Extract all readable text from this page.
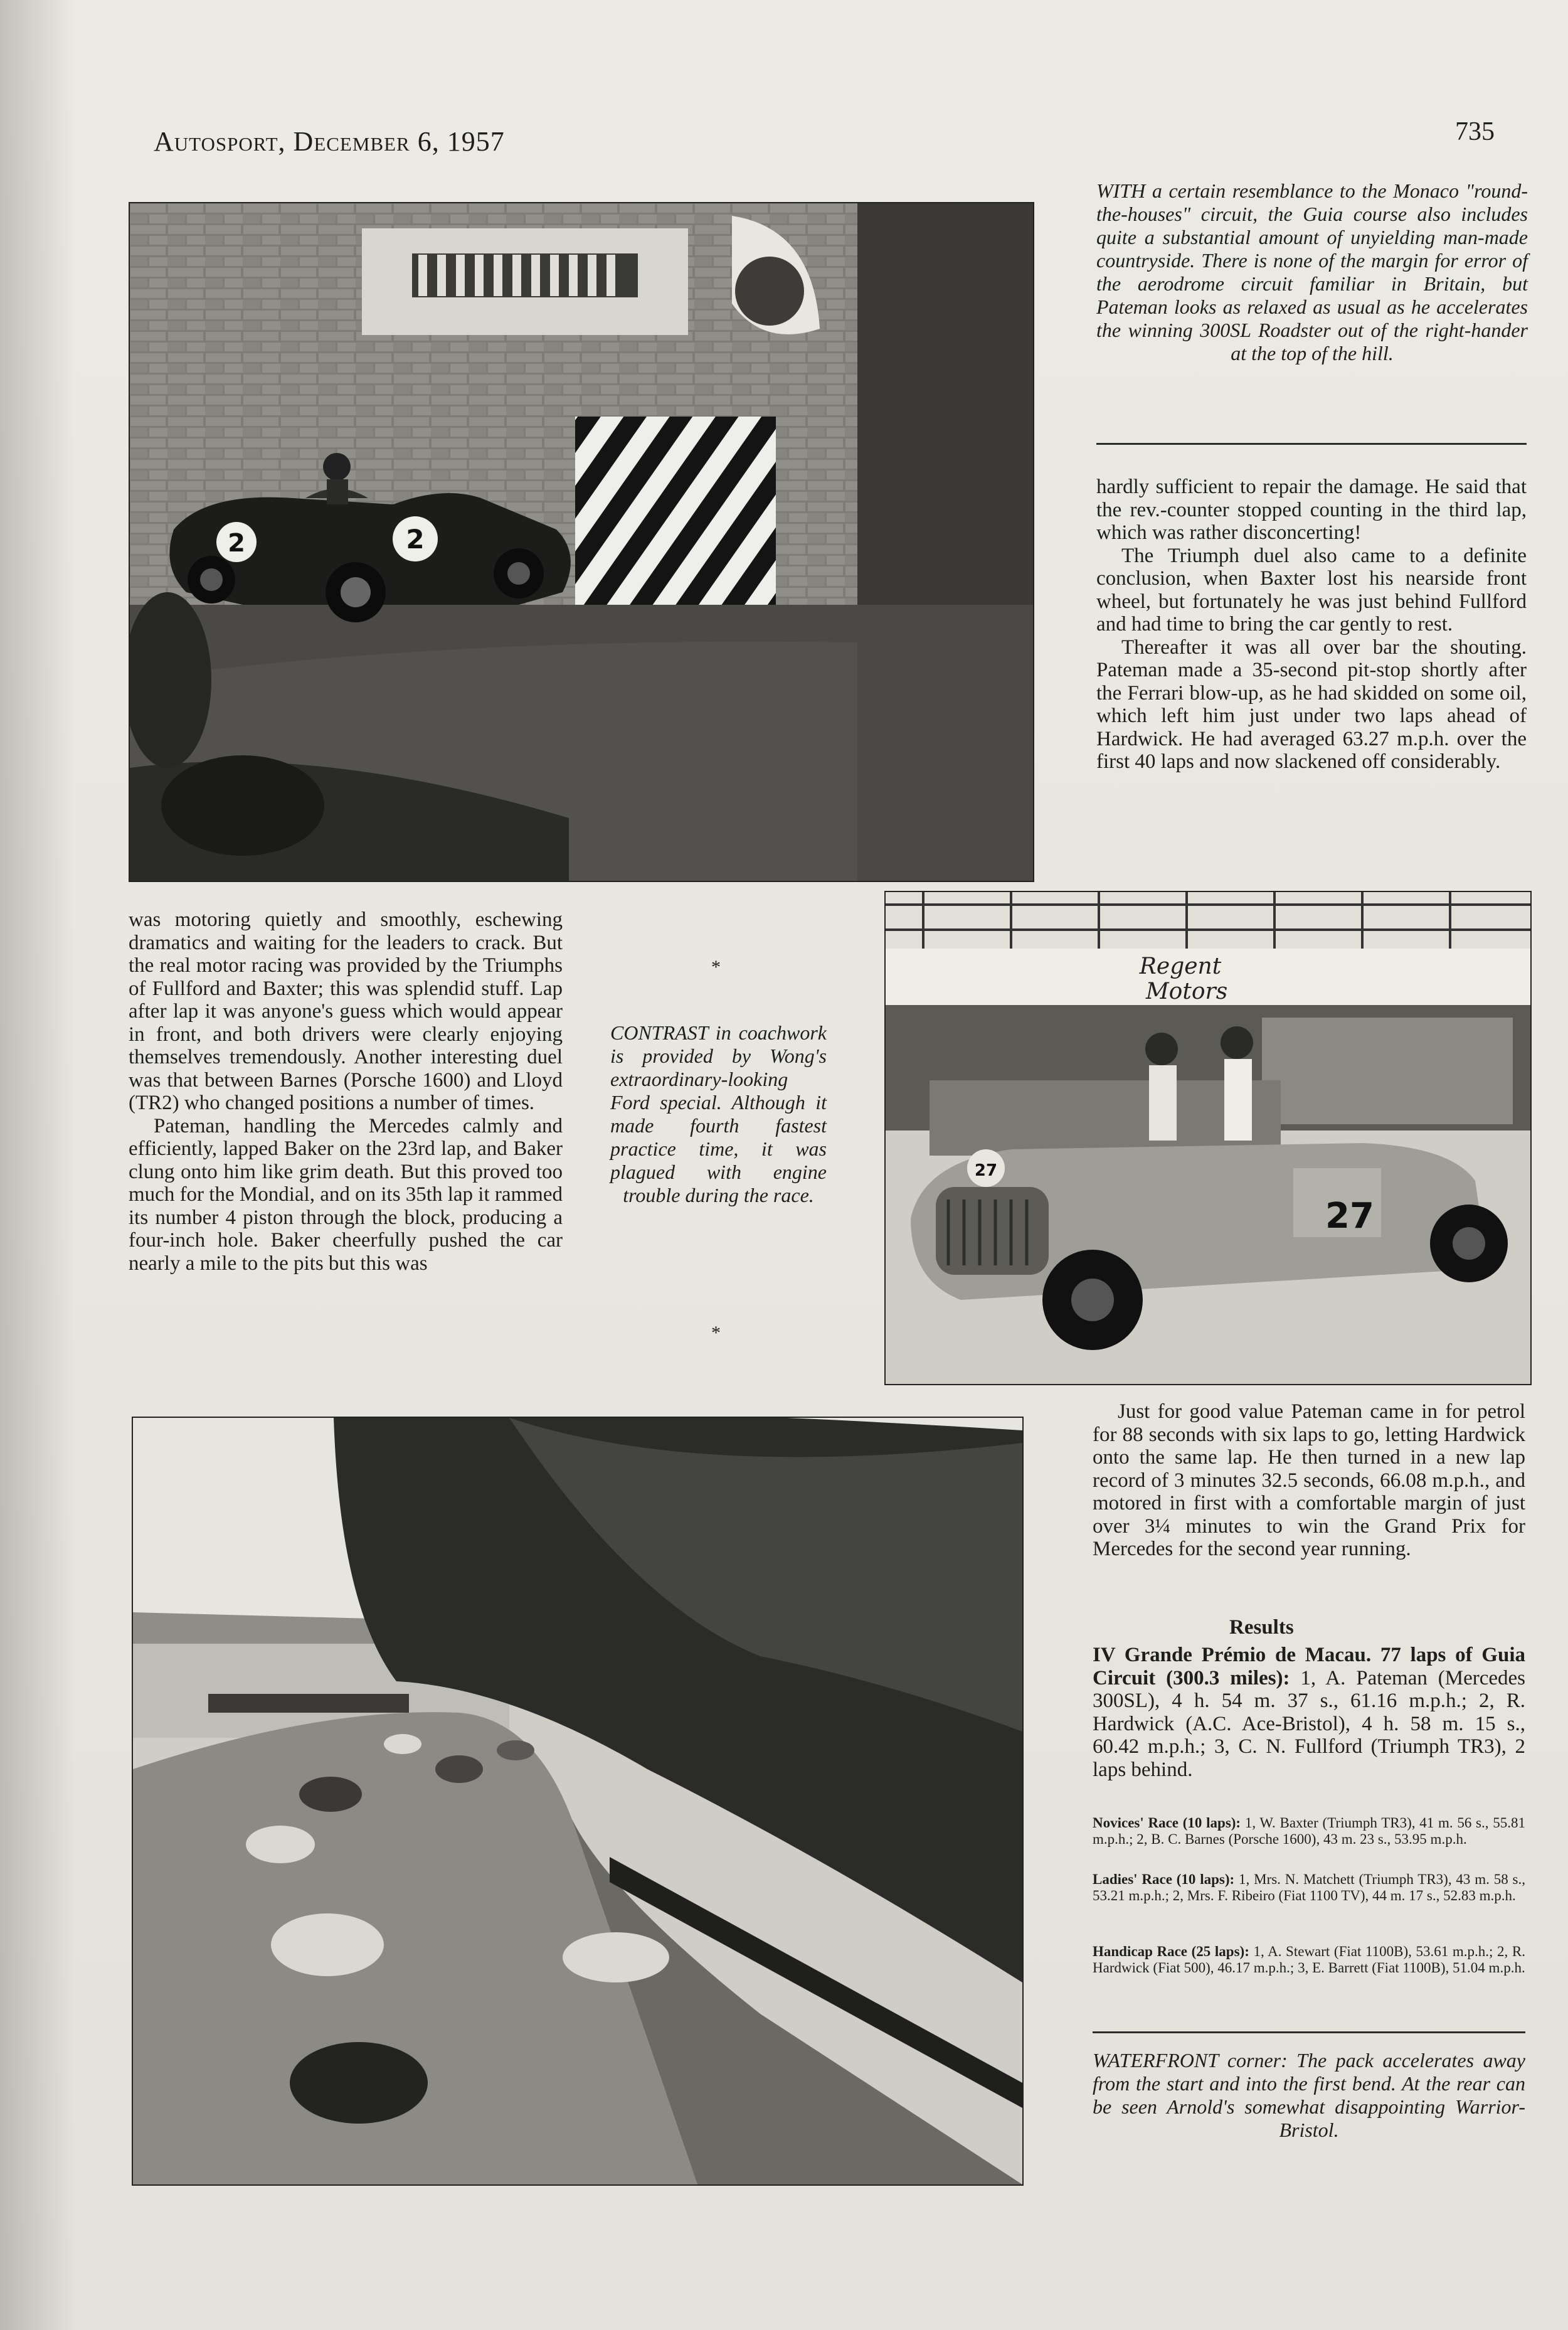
Autosport, December 6, 1957	735
2
2
WITH a certain resemblance to the Monaco "round-the-houses" circuit, the Guia course also includes quite a substantial amount of unyielding man-made countryside. There is none of the margin for error of the aerodrome circuit familiar in Britain, but Pateman looks as relaxed as usual as he accelerates the winning 300SL Roadster out of the right-hander at the top of the hill.

hardly sufficient to repair the damage. He said that the rev.-counter stopped counting in the third lap, which was rather disconcerting!

The Triumph duel also came to a definite conclusion, when Baxter lost his nearside front wheel, but fortunately he was just behind Fullford and had time to bring the car gently to rest.

Thereafter it was all over bar the shouting. Pateman made a 35-second pit-stop shortly after the Ferrari blow-up, as he had skidded on some oil, which left him just under two laps ahead of Hardwick. He had averaged 63.27 m.p.h. over the first 40 laps and now slackened off considerably.

was motoring quietly and smoothly, eschewing dramatics and waiting for the leaders to crack. But the real motor racing was provided by the Triumphs of Fullford and Baxter; this was splendid stuff. Lap after lap it was anyone's guess which would appear in front, and both drivers were clearly enjoying themselves tremendously. Another interesting duel was that between Barnes (Porsche 1600) and Lloyd (TR2) who changed positions a number of times.

Pateman, handling the Mercedes calmly and efficiently, lapped Baker on the 23rd lap, and Baker clung onto him like grim death. But this proved too much for the Mondial, and on its 35th lap it rammed its number 4 piston through the block, producing a four-inch hole. Baker cheerfully pushed the car nearly a mile to the pits but this was

*
CONTRAST in coachwork is provided by Wong's extraordinary-looking Ford special. Although it made fourth fastest practice time, it was plagued with engine trouble during the race.
*
27
27
Regent
Motors

Just for good value Pateman came in for petrol for 88 seconds with six laps to go, letting Hardwick onto the same lap. He then turned in a new lap record of 3 minutes 32.5 seconds, 66.08 m.p.h., and motored in first with a comfortable margin of just over 3¼ minutes to win the Grand Prix for Mercedes for the second year running.

Results
IV Grande Prémio de Macau. 77 laps of Guia Circuit (300.3 miles): 1, A. Pateman (Mercedes 300SL), 4 h. 54 m. 37 s., 61.16 m.p.h.; 2, R. Hardwick (A.C. Ace-Bristol), 4 h. 58 m. 15 s., 60.42 m.p.h.; 3, C. N. Fullford (Triumph TR3), 2 laps behind.
Novices' Race (10 laps): 1, W. Baxter (Triumph TR3), 41 m. 56 s., 55.81 m.p.h.; 2, B. C. Barnes (Porsche 1600), 43 m. 23 s., 53.95 m.p.h.
Ladies' Race (10 laps): 1, Mrs. N. Matchett (Triumph TR3), 43 m. 58 s., 53.21 m.p.h.; 2, Mrs. F. Ribeiro (Fiat 1100 TV), 44 m. 17 s., 52.83 m.p.h.
Handicap Race (25 laps): 1, A. Stewart (Fiat 1100B), 53.61 m.p.h.; 2, R. Hardwick (Fiat 500), 46.17 m.p.h.; 3, E. Barrett (Fiat 1100B), 51.04 m.p.h.
WATERFRONT corner: The pack accelerates away from the start and into the first bend. At the rear can be seen Arnold's somewhat disappointing Warrior-Bristol.
